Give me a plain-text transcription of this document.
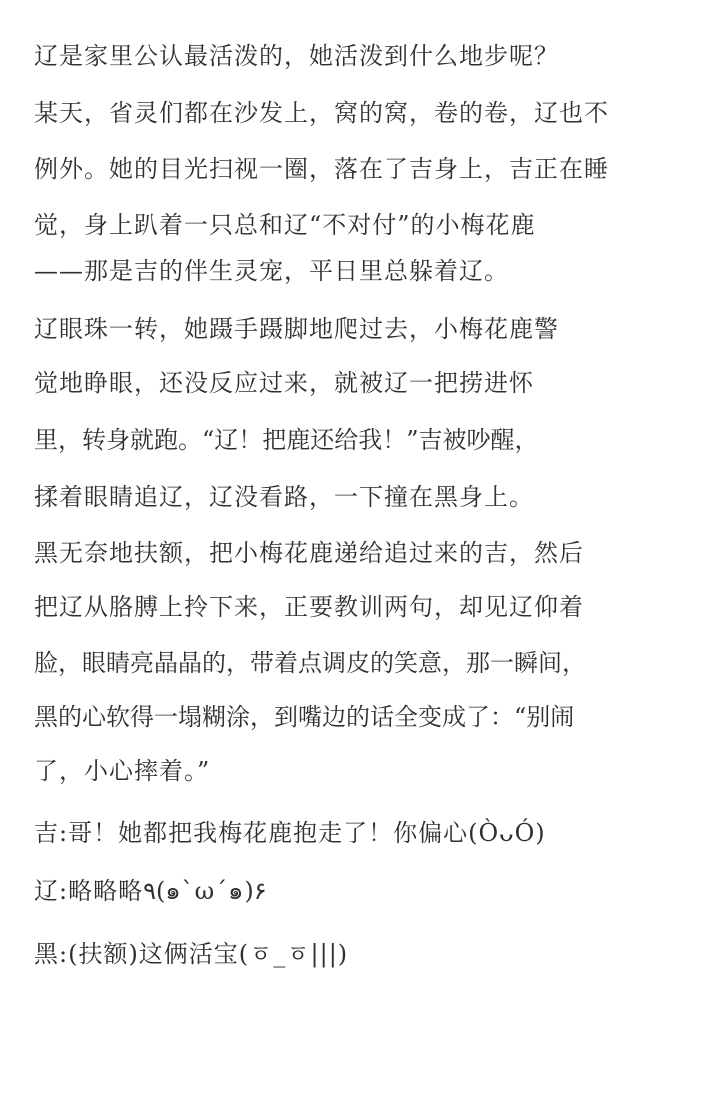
辽是家里公认最活泼的，她活泼到什么地步呢？
某天，省灵们都在沙发上，窝的窝，卷的卷，辽也不
例外。她的目光扫视一圈，落在了吉身上，吉正在睡
觉，身上趴着一只总和辽“不对付”的小梅花鹿
——那是吉的伴生灵宠，平日里总躲着辽。
辽眼珠一转，她蹑手蹑脚地爬过去，小梅花鹿警
觉地睁眼，还没反应过来，就被辽一把捞进怀
里，转身就跑。“辽！把鹿还给我！”吉被吵醒，
揉着眼睛追辽，辽没看路，一下撞在黑身上。
黑无奈地扶额，把小梅花鹿递给追过来的吉，然后
把辽从胳膊上拎下来，正要教训两句，却见辽仰着
脸，眼睛亮晶晶的，带着点调皮的笑意，那一瞬间，
黑的心软得一塌糊涂，到嘴边的话全变成了：“别闹
了，小心摔着。”
吉:哥！她都把我梅花鹿抱走了！你偏心(ÒᴗÓ)
辽:略略略٩(๑`ω´๑)۶
黑:(扶额)这俩活宝(ㆆ_ㆆ|||)
